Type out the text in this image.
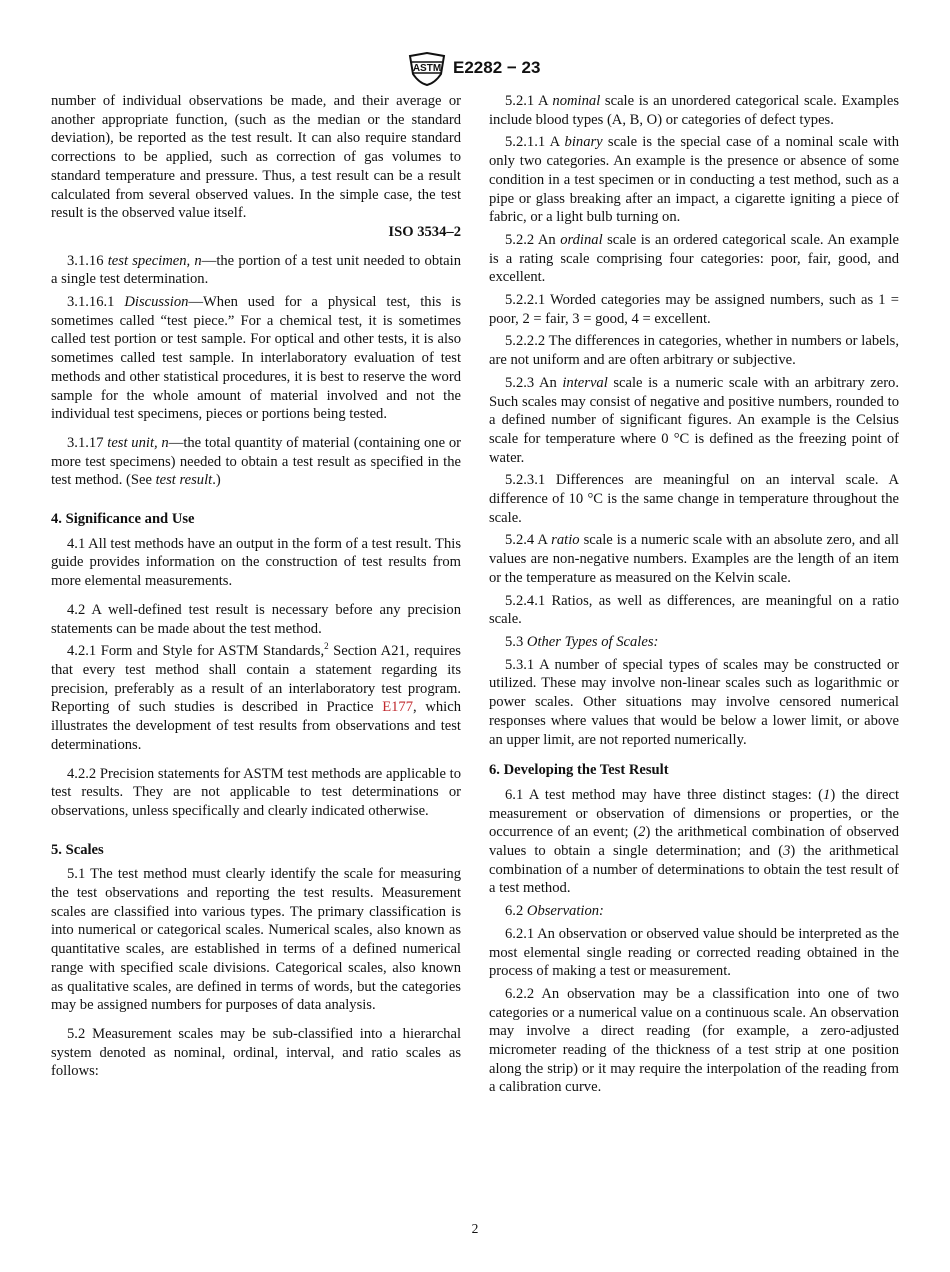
ASTM E2282 − 23

number of individual observations be made, and their average or another appropriate function, (such as the median or the standard deviation), be reported as the test result. It can also require standard corrections to be applied, such as correction of gas volumes to standard temperature and pressure. Thus, a test result can be a result calculated from several observed values. In the simple case, the test result is the observed value itself.

ISO 3534–2

3.1.16 test specimen, n—the portion of a test unit needed to obtain a single test determination.

3.1.16.1 Discussion—When used for a physical test, this is sometimes called “test piece.” For a chemical test, it is sometimes called test portion or test sample. For optical and other tests, it is also sometimes called test sample. In interlaboratory evaluation of test methods and other statistical procedures, it is best to reserve the word sample for the whole amount of material involved and not the individual test specimens, pieces or portions being tested.

3.1.17 test unit, n—the total quantity of material (containing one or more test specimens) needed to obtain a test result as specified in the test method. (See test result.)

4. Significance and Use

4.1 All test methods have an output in the form of a test result. This guide provides information on the construction of test results from more elemental measurements.

4.2 A well-defined test result is necessary before any precision statements can be made about the test method.

4.2.1 Form and Style for ASTM Standards,$^2$ Section A21, requires that every test method shall contain a statement regarding its precision, preferably as a result of an interlaboratory test program. Reporting of such studies is described in Practice E177, which illustrates the development of test results from observations and test determinations.

4.2.2 Precision statements for ASTM test methods are applicable to test results. They are not applicable to test determinations or observations, unless specifically and clearly indicated otherwise.

5. Scales

5.1 The test method must clearly identify the scale for measuring the test observations and reporting the test results. Measurement scales are classified into various types. The primary classification is into numerical or categorical scales. Numerical scales, also known as quantitative scales, are established in terms of a defined numerical range with specified scale divisions. Categorical scales, also known as qualitative scales, are defined in terms of words, but the categories may be assigned numbers for purposes of data analysis.

5.2 Measurement scales may be sub-classified into a hierarchal system denoted as nominal, ordinal, interval, and ratio scales as follows:

5.2.1 A nominal scale is an unordered categorical scale. Examples include blood types (A, B, O) or categories of defect types.

5.2.1.1 A binary scale is the special case of a nominal scale with only two categories. An example is the presence or absence of some condition in a test specimen or in conducting a test method, such as a pipe or glass breaking after an impact, a cigarette igniting a piece of fabric, or a light bulb turning on.

5.2.2 An ordinal scale is an ordered categorical scale. An example is a rating scale comprising four categories: poor, fair, good, and excellent.

5.2.2.1 Worded categories may be assigned numbers, such as 1 = poor, 2 = fair, 3 = good, 4 = excellent.

5.2.2.2 The differences in categories, whether in numbers or labels, are not uniform and are often arbitrary or subjective.

5.2.3 An interval scale is a numeric scale with an arbitrary zero. Such scales may consist of negative and positive numbers, rounded to a defined number of significant figures. An example is the Celsius scale for temperature where 0 °C is defined as the freezing point of water.

5.2.3.1 Differences are meaningful on an interval scale. A difference of 10 °C is the same change in temperature throughout the scale.

5.2.4 A ratio scale is a numeric scale with an absolute zero, and all values are non-negative numbers. Examples are the length of an item or the temperature as measured on the Kelvin scale.

5.2.4.1 Ratios, as well as differences, are meaningful on a ratio scale.

5.3 Other Types of Scales:

5.3.1 A number of special types of scales may be constructed or utilized. These may involve non-linear scales such as logarithmic or power scales. Other situations may involve censored numerical responses where values that would be below a lower limit, or above an upper limit, are not reported numerically.

6. Developing the Test Result

6.1 A test method may have three distinct stages: (1) the direct measurement or observation of dimensions or properties, or the occurrence of an event; (2) the arithmetical combination of observed values to obtain a single determination; and (3) the arithmetical combination of a number of determinations to obtain the test result of a test method.

6.2 Observation:

6.2.1 An observation or observed value should be interpreted as the most elemental single reading or corrected reading obtained in the process of making a test or measurement.

6.2.2 An observation may be a classification into one of two categories or a numerical value on a continuous scale. An observation may involve a direct reading (for example, a zero-adjusted micrometer reading of the thickness of a test strip at one position along the strip) or it may require the interpolation of the reading from a calibration curve.

2
